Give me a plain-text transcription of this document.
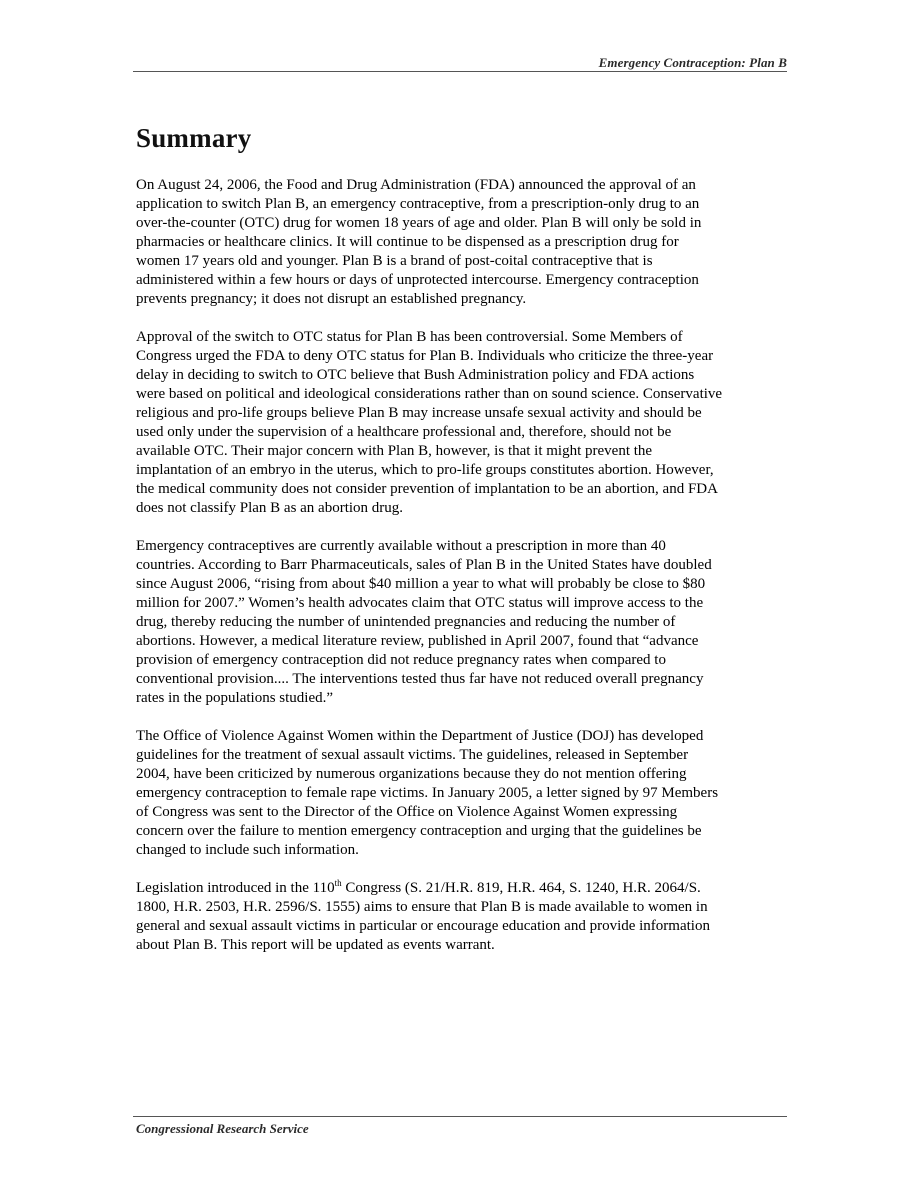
Emergency Contraception: Plan B
Summary

On August 24, 2006, the Food and Drug Administration (FDA) announced the approval of an
application to switch Plan B, an emergency contraceptive, from a prescription-only drug to an
over-the-counter (OTC) drug for women 18 years of age and older. Plan B will only be sold in
pharmacies or healthcare clinics. It will continue to be dispensed as a prescription drug for
women 17 years old and younger. Plan B is a brand of post-coital contraceptive that is
administered within a few hours or days of unprotected intercourse. Emergency contraception
prevents pregnancy; it does not disrupt an established pregnancy.

Approval of the switch to OTC status for Plan B has been controversial. Some Members of
Congress urged the FDA to deny OTC status for Plan B. Individuals who criticize the three-year
delay in deciding to switch to OTC believe that Bush Administration policy and FDA actions
were based on political and ideological considerations rather than on sound science. Conservative
religious and pro-life groups believe Plan B may increase unsafe sexual activity and should be
used only under the supervision of a healthcare professional and, therefore, should not be
available OTC. Their major concern with Plan B, however, is that it might prevent the
implantation of an embryo in the uterus, which to pro-life groups constitutes abortion. However,
the medical community does not consider prevention of implantation to be an abortion, and FDA
does not classify Plan B as an abortion drug.

Emergency contraceptives are currently available without a prescription in more than 40
countries. According to Barr Pharmaceuticals, sales of Plan B in the United States have doubled
since August 2006, “rising from about $40 million a year to what will probably be close to $80
million for 2007.” Women’s health advocates claim that OTC status will improve access to the
drug, thereby reducing the number of unintended pregnancies and reducing the number of
abortions. However, a medical literature review, published in April 2007, found that “advance
provision of emergency contraception did not reduce pregnancy rates when compared to
conventional provision.... The interventions tested thus far have not reduced overall pregnancy
rates in the populations studied.”

The Office of Violence Against Women within the Department of Justice (DOJ) has developed
guidelines for the treatment of sexual assault victims. The guidelines, released in September
2004, have been criticized by numerous organizations because they do not mention offering
emergency contraception to female rape victims. In January 2005, a letter signed by 97 Members
of Congress was sent to the Director of the Office on Violence Against Women expressing
concern over the failure to mention emergency contraception and urging that the guidelines be
changed to include such information.

Legislation introduced in the 110th Congress (S. 21/H.R. 819, H.R. 464, S. 1240, H.R. 2064/S.
1800, H.R. 2503, H.R. 2596/S. 1555) aims to ensure that Plan B is made available to women in
general and sexual assault victims in particular or encourage education and provide information
about Plan B. This report will be updated as events warrant.

Congressional Research Service
